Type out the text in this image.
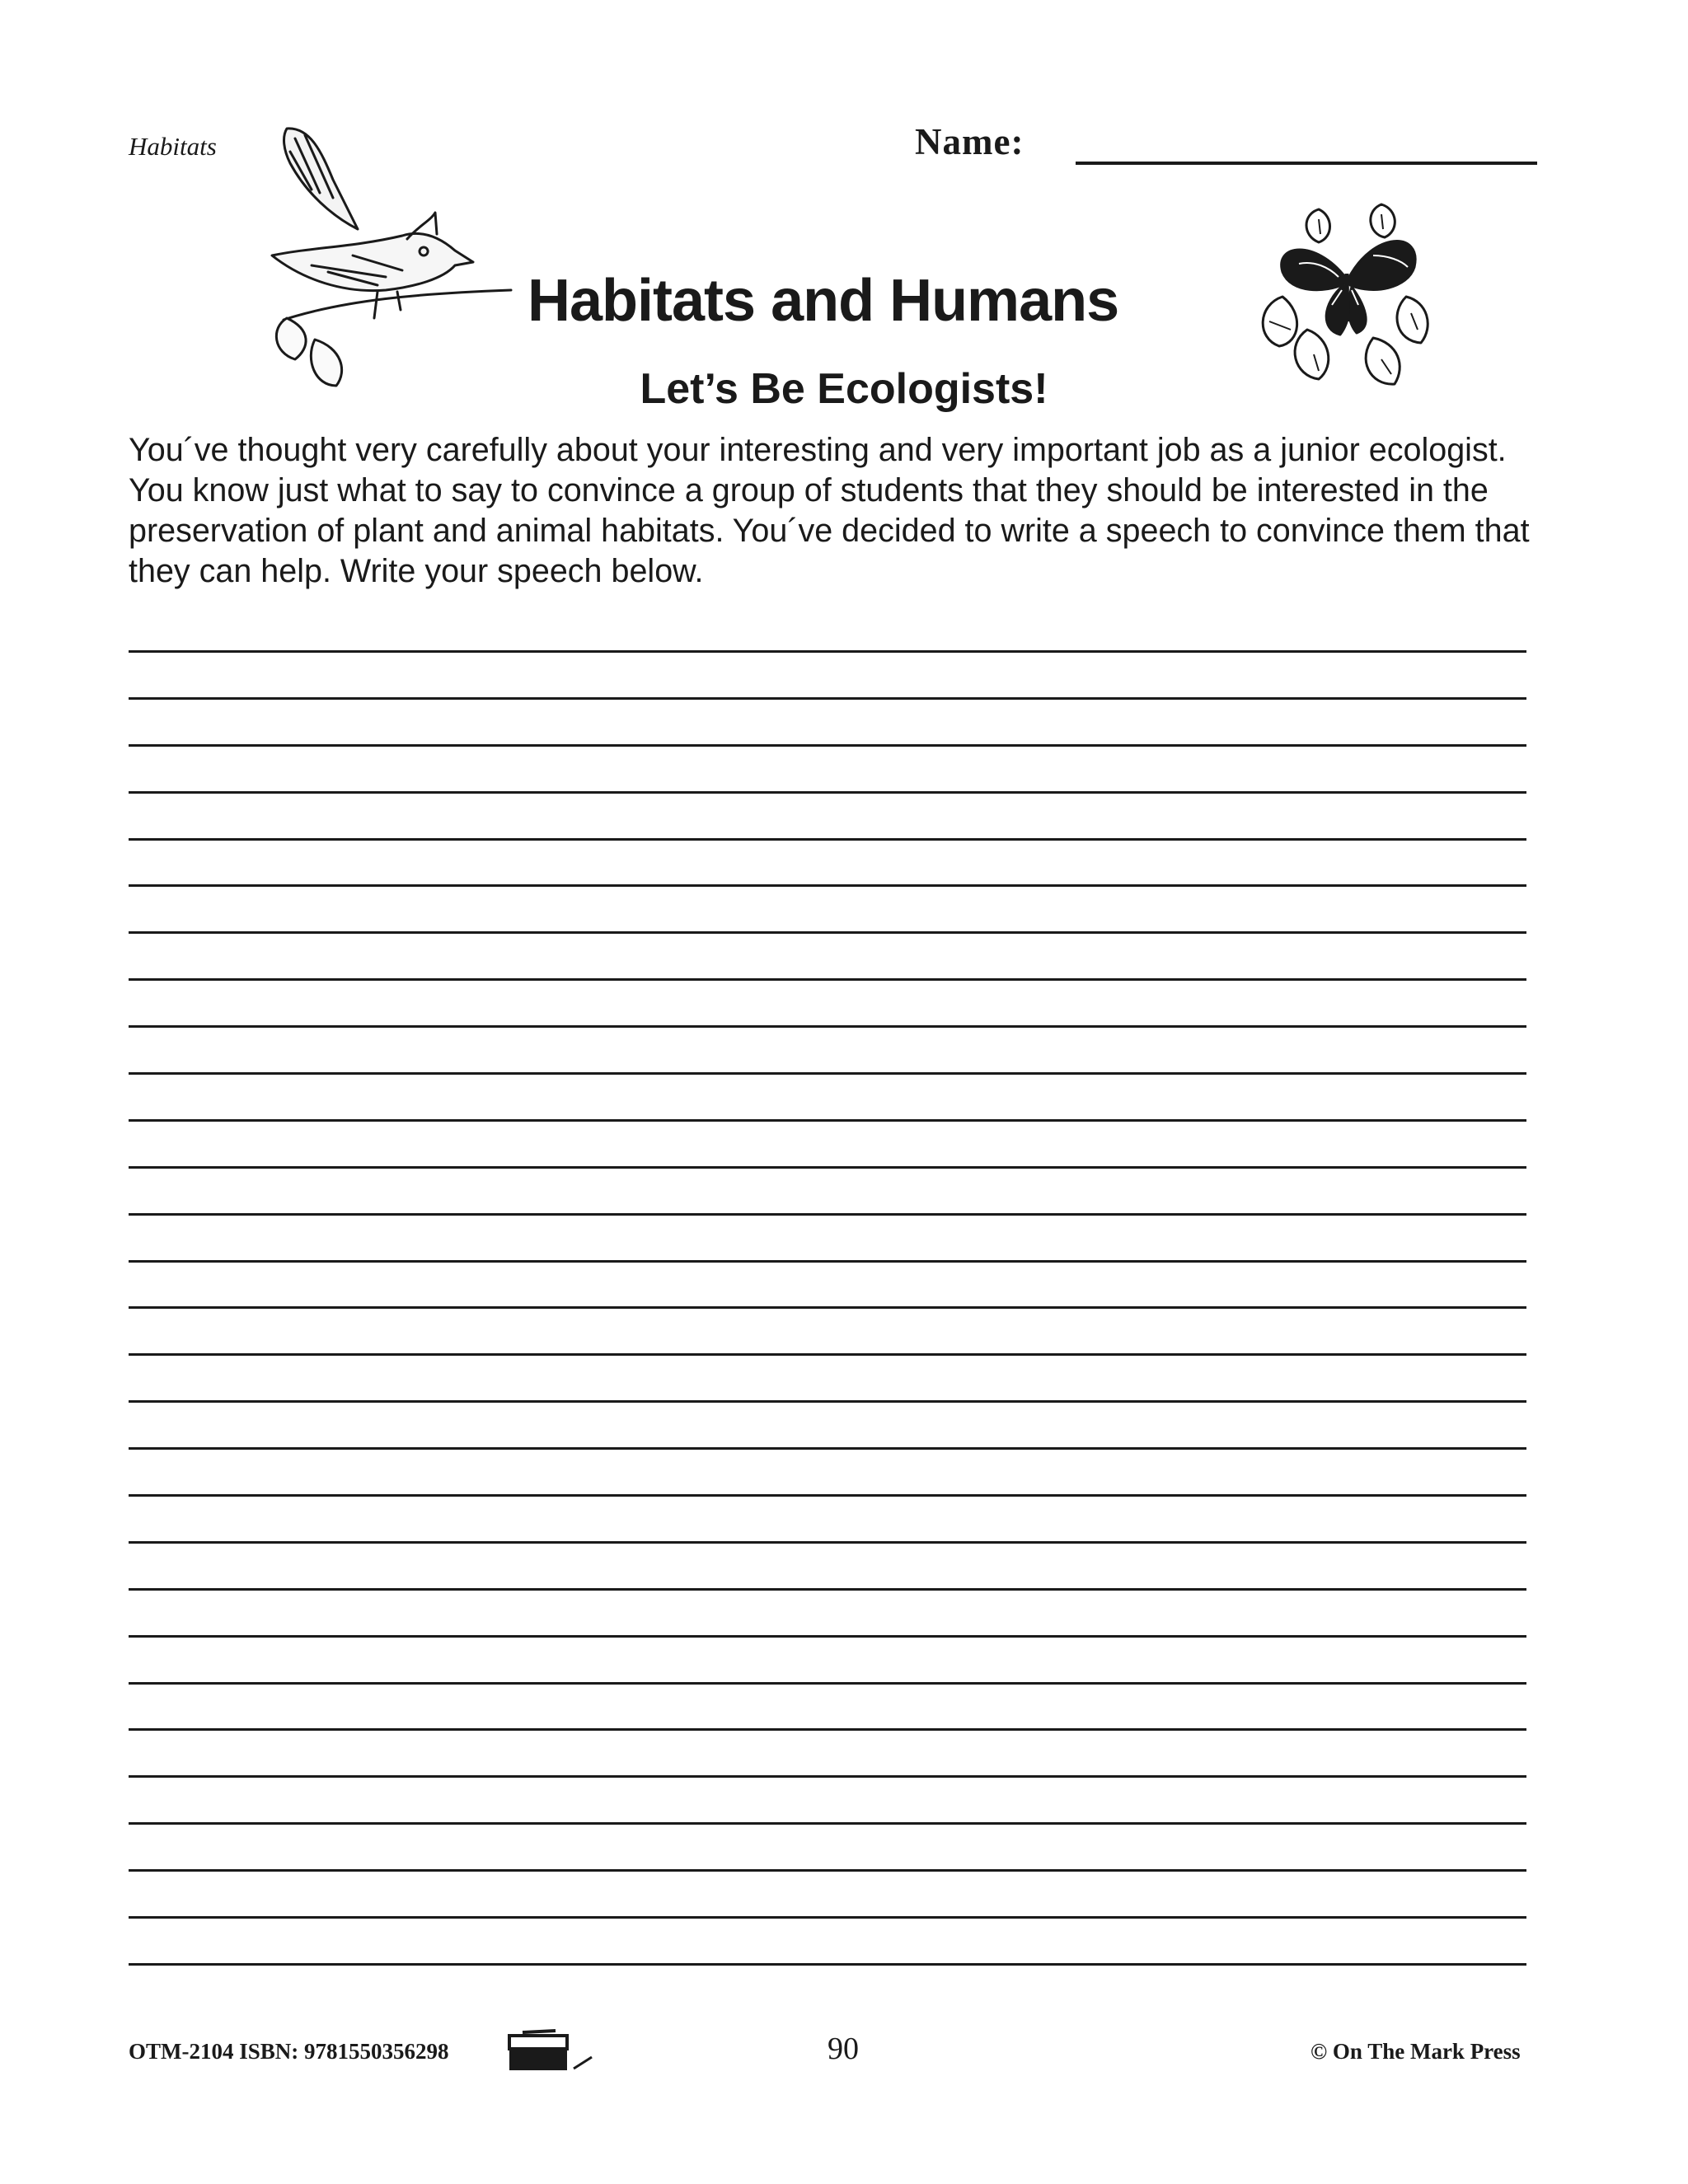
Habitats	Name:
Habitats and Humans
Let’s Be Ecologists!

You´ve thought very carefully about your interesting and very important job as a junior ecologist. You know just what to say to convince a group of students that they should be interested in the preservation of plant and animal habitats. You´ve decided to write a speech to convince them that they can help. Write your speech below.

OTM-2104 ISBN: 9781550356298	90	© On The Mark Press
